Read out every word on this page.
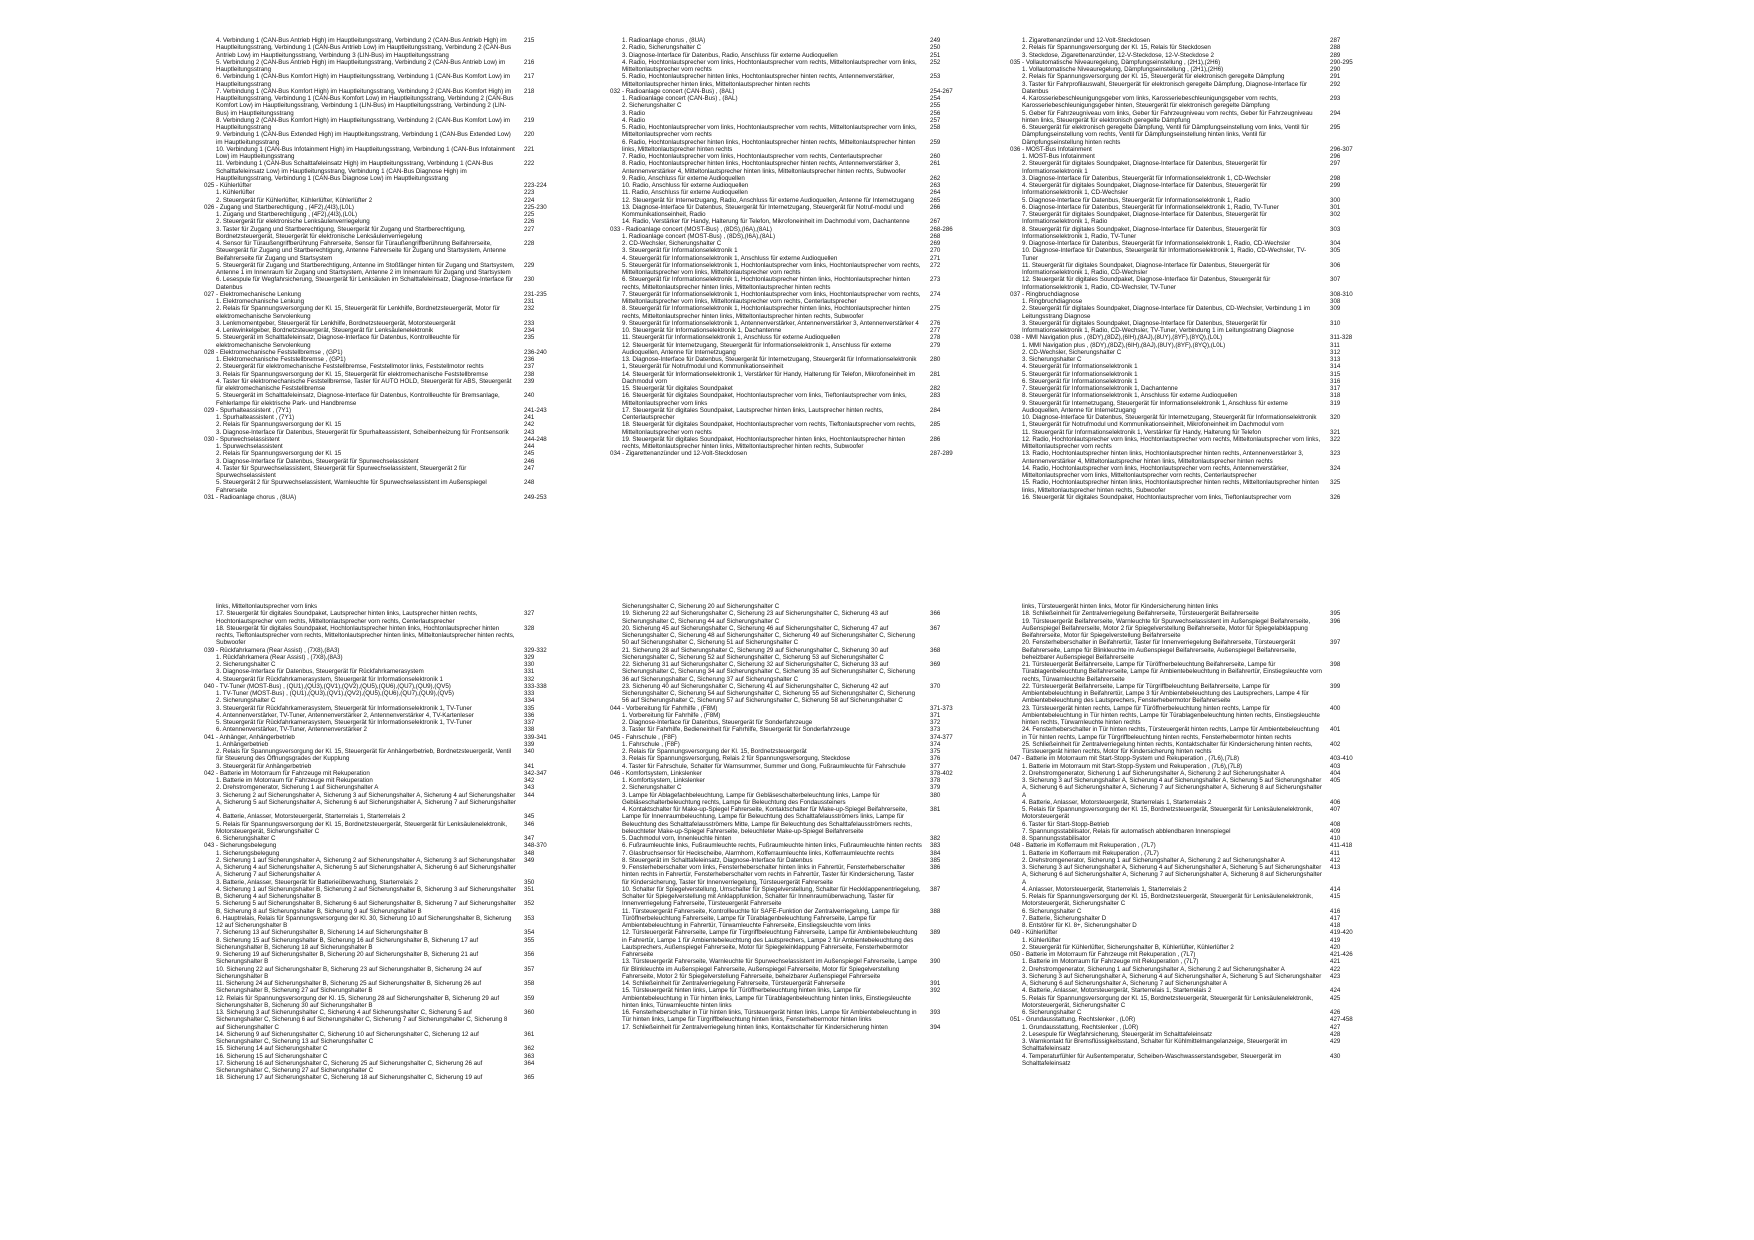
4. Verbindung 1 (CAN-Bus Antrieb High) im Hauptleitungsstrang, Verbindung 2 (CAN-Bus Antrieb High) im Hauptleitungsstrang, Verbindung 1 (CAN-Bus Antrieb Low) im Hauptleitungsstrang, Verbindung 2 (CAN-Bus Antrieb Low) im Hauptleitungsstrang, Verbindung 3 (LIN-Bus) im Hauptleitungsstrang
215
5. Verbindung 2 (CAN-Bus Antrieb High) im Hauptleitungsstrang, Verbindung 2 (CAN-Bus Antrieb Low) im Hauptleitungsstrang
216
6. Verbindung 1 (CAN-Bus Komfort High) im Hauptleitungsstrang, Verbindung 1 (CAN-Bus Komfort Low) im Hauptleitungsstrang
217
7. Verbindung 1 (CAN-Bus Komfort High) im Hauptleitungsstrang, Verbindung 2 (CAN-Bus Komfort High) im Hauptleitungsstrang, Verbindung 1 (CAN-Bus Komfort Low) im Hauptleitungsstrang, Verbindung 2 (CAN-Bus Komfort Low) im Hauptleitungsstrang, Verbindung 1 (LIN-Bus) im Hauptleitungsstrang, Verbindung 2 (LIN-Bus) im Hauptleitungsstrang
218
8. Verbindung 2 (CAN-Bus Komfort High) im Hauptleitungsstrang, Verbindung 2 (CAN-Bus Komfort Low) im Hauptleitungsstrang
219
9. Verbindung 1 (CAN-Bus Extended High) im Hauptleitungsstrang, Verbindung 1 (CAN-Bus Extended Low) im Hauptleitungsstrang
220
10. Verbindung 1 (CAN-Bus Infotainment High) im Hauptleitungsstrang, Verbindung 1 (CAN-Bus Infotainment Low) im Hauptleitungsstrang
221
11. Verbindung 1 (CAN-Bus Schalttafeleinsatz High) im Hauptleitungsstrang, Verbindung 1 (CAN-Bus Schalttafeleinsatz Low) im Hauptleitungsstrang, Verbindung 1 (CAN-Bus Diagnose High) im Hauptleitungsstrang, Verbindung 1 (CAN-Bus Diagnose Low) im Hauptleitungsstrang
222
025 - Kühlerlüfter	223-224
1. Kühlerlüfter	223
2. Steuergerät für Kühlerlüfter, Kühlerlüfter, Kühlerlüfter 2	224
026 - Zugang und Startberechtigung , (4F2),(4I3),(L0L)	225-230
1. Zugang und Startberechtigung , (4F2),(4I3),(L0L)	225
2. Steuergerät für elektronische Lenksäulenverriegelung	226
3. Taster für Zugang und Startberechtigung, Steuergerät für Zugang und Startberechtigung, Bordnetzsteuergerät, Steuergerät für elektronische Lenksäulenverriegelung
227
4. Sensor für Türaußengriffberührung Fahrerseite, Sensor für Türaußengriffberührung Beifahrerseite, Steuergerät für Zugang und Startberechtigung, Antenne Fahrerseite für Zugang und Startsystem, Antenne Beifahrerseite für Zugang und Startsystem
228
5. Steuergerät für Zugang und Startberechtigung, Antenne im Stoßfänger hinten für Zugang und Startsystem, Antenne 1 im Innenraum für Zugang und Startsystem, Antenne 2 im Innenraum für Zugang und Startsystem
229
6. Lesespule für Wegfahrsicherung, Steuergerät für Lenksäulen im Schalttafeleinsatz, Diagnose-Interface für Datenbus
230
027 - Elektromechanische Lenkung	231-235
1. Elektromechanische Lenkung	231
2. Relais für Spannungsversorgung der Kl. 15, Steuergerät für Lenkhilfe, Bordnetzsteuergerät, Motor für elektromechanische Servolenkung
232
3. Lenkmomentgeber, Steuergerät für Lenkhilfe, Bordnetzsteuergerät, Motorsteuergerät	233
4. Lenkwinkelgeber, Bordnetzsteuergerät, Steuergerät für Lenksäulenelektronik	234
5. Steuergerät im Schalttafeleinsatz, Diagnose-Interface für Datenbus, Kontrollleuchte für elektromechanische Servolenkung
235
028 - Elektromechanische Feststellbremse , (GP1)	236-240
1. Elektromechanische Feststellbremse , (GP1)	236
2. Steuergerät für elektromechanische Feststellbremse, Feststellmotor links, Feststellmotor rechts	237
3. Relais für Spannungsversorgung der Kl. 15, Steuergerät für elektromechanische Feststellbremse	238
4. Taster für elektromechanische Feststellbremse, Taster für AUTO HOLD, Steuergerät für ABS, Steuergerät für elektromechanische Feststellbremse
239
5. Steuergerät im Schalttafeleinsatz, Diagnose-Interface für Datenbus, Kontrollleuchte für Bremsanlage, Fehlerlampe für elektrische Park- und Handbremse
240
029 - Spurhalteassistent , (7Y1)	241-243
1. Spurhalteassistent , (7Y1)	241
2. Relais für Spannungsversorgung der Kl. 15	242
3. Diagnose-Interface für Datenbus, Steuergerät für Spurhalteassistent, Scheibenheizung für Frontsensorik	243
030 - Spurwechselassistent	244-248
1. Spurwechselassistent	244
2. Relais für Spannungsversorgung der Kl. 15	245
3. Diagnose-Interface für Datenbus, Steuergerät für Spurwechselassistent	246
4. Taster für Spurwechselassistent, Steuergerät für Spurwechselassistent, Steuergerät 2 für Spurwechselassistent
247
5. Steuergerät 2 für Spurwechselassistent, Warnleuchte für Spurwechselassistent im Außenspiegel Fahrerseite
248
031 - Radioanlage chorus , (8UA)	249-253
1. Radioanlage chorus , (8UA)	249
2. Radio, Sicherungshalter C	250
3. Diagnose-Interface für Datenbus, Radio, Anschluss für externe Audioquellen	251
4. Radio, Hochtonlautsprecher vorn links, Hochtonlautsprecher vorn rechts, Mitteltonlautsprecher vorn links, Mitteltonlautsprecher vorn rechts
252
5. Radio, Hochtonlautsprecher hinten links, Hochtonlautsprecher hinten rechts, Antennenverstärker, Mitteltonlautsprecher hinten links, Mitteltonlautsprecher hinten rechts
253
032 - Radioanlage concert (CAN-Bus) , (8AL)	254-267
1. Radioanlage concert (CAN-Bus) , (8AL)	254
2. Sicherungshalter C	255
3. Radio	256
4. Radio	257
5. Radio, Hochtonlautsprecher vorn links, Hochtonlautsprecher vorn rechts, Mitteltonlautsprecher vorn links, Mitteltonlautsprecher vorn rechts
258
6. Radio, Hochtonlautsprecher hinten links, Hochtonlautsprecher hinten rechts, Mitteltonlautsprecher hinten links, Mitteltonlautsprecher hinten rechts
259
7. Radio, Hochtonlautsprecher vorn links, Hochtonlautsprecher vorn rechts, Centerlautsprecher	260
8. Radio, Hochtonlautsprecher hinten links, Hochtonlautsprecher hinten rechts, Antennenverstärker 3, Antennenverstärker 4, Mitteltonlautsprecher hinten links, Mitteltonlautsprecher hinten rechts, Subwoofer
261
9. Radio, Anschluss für externe Audioquellen	262
10. Radio, Anschluss für externe Audioquellen	263
11. Radio, Anschluss für externe Audioquellen	264
12. Steuergerät für Internetzugang, Radio, Anschluss für externe Audioquellen, Antenne für Internetzugang	265
13. Diagnose-Interface für Datenbus, Steuergerät für Internetzugang, Steuergerät für Notruf-modul und Kommunikationseinheit, Radio
266
14. Radio, Verstärker für Handy, Halterung für Telefon, Mikrofoneinheit im Dachmodul vorn, Dachantenne	267
033 - Radioanlage concert (MOST-Bus) , (8DS),(I6A),(8AL)	268-286
1. Radioanlage concert (MOST-Bus) , (8DS),(I6A),(8AL)	268
2. CD-Wechsler, Sicherungshalter C	269
3. Steuergerät für Informationselektronik 1	270
4. Steuergerät für Informationselektronik 1, Anschluss für externe Audioquellen	271
5. Steuergerät für Informationselektronik 1, Hochtonlautsprecher vorn links, Hochtonlautsprecher vorn rechts, Mitteltonlautsprecher vorn links, Mitteltonlautsprecher vorn rechts
272
6. Steuergerät für Informationselektronik 1, Hochtonlautsprecher hinten links, Hochtonlautsprecher hinten rechts, Mitteltonlautsprecher hinten links, Mitteltonlautsprecher hinten rechts
273
7. Steuergerät für Informationselektronik 1, Hochtonlautsprecher vorn links, Hochtonlautsprecher vorn rechts, Mitteltonlautsprecher vorn links, Mitteltonlautsprecher vorn rechts, Centerlautsprecher
274
8. Steuergerät für Informationselektronik 1, Hochtonlautsprecher hinten links, Hochtonlautsprecher hinten rechts, Mitteltonlautsprecher hinten links, Mitteltonlautsprecher hinten rechts, Subwoofer
275
9. Steuergerät für Informationselektronik 1, Antennenverstärker, Antennenverstärker 3, Antennenverstärker 4	276
10. Steuergerät für Informationselektronik 1, Dachantenne	277
11. Steuergerät für Informationselektronik 1, Anschluss für externe Audioquellen	278
12. Steuergerät für Internetzugang, Steuergerät für Informationselektronik 1, Anschluss für externe Audioquellen, Antenne für Internetzugang
279
13. Diagnose-Interface für Datenbus, Steuergerät für Internetzugang, Steuergerät für Informationselektronik 1, Steuergerät für Notrufmodul und Kommunikationseinheit
280
14. Steuergerät für Informationselektronik 1, Verstärker für Handy, Halterung für Telefon, Mikrofoneinheit im Dachmodul vorn
281
15. Steuergerät für digitales Soundpaket	282
16. Steuergerät für digitales Soundpaket, Hochtonlautsprecher vorn links, Tieftonlautsprecher vorn links, Mitteltonlautsprecher vorn links
283
17. Steuergerät für digitales Soundpaket, Lautsprecher hinten links, Lautsprecher hinten rechts, Centerlautsprecher
284
18. Steuergerät für digitales Soundpaket, Hochtonlautsprecher vorn rechts, Tieftonlautsprecher vorn rechts, Mitteltonlautsprecher vorn rechts
285
19. Steuergerät für digitales Soundpaket, Hochtonlautsprecher hinten links, Hochtonlautsprecher hinten rechts, Mitteltonlautsprecher hinten links, Mitteltonlautsprecher hinten rechts, Subwoofer
286
034 - Zigarettenanzünder und 12-Volt-Steckdosen	287-289
1. Zigarettenanzünder und 12-Volt-Steckdosen	287
2. Relais für Spannungsversorgung der Kl. 15, Relais für Steckdosen	288
3. Steckdose, Zigarettenanzünder, 12-V-Steckdose, 12-V-Steckdose 2	289
035 - Vollautomatische Niveauregelung, Dämpfungseinstellung , (2H1),(2H6)	290-295
1. Vollautomatische Niveauregelung, Dämpfungseinstellung , (2H1),(2H6)	290
2. Relais für Spannungsversorgung der Kl. 15, Steuergerät für elektronisch geregelte Dämpfung	291
3. Taster für Fahrprofilauswahl, Steuergerät für elektronisch geregelte Dämpfung, Diagnose-Interface für Datenbus
292
4. Karosseriebeschleunigungsgeber vorn links, Karosseriebeschleunigungsgeber vorn rechts, Karosseriebeschleunigungsgeber hinten, Steuergerät für elektronisch geregelte Dämpfung
293
5. Geber für Fahrzeugniveau vorn links, Geber für Fahrzeugniveau vorn rechts, Geber für Fahrzeugniveau hinten links, Steuergerät für elektronisch geregelte Dämpfung
294
6. Steuergerät für elektronisch geregelte Dämpfung, Ventil für Dämpfungseinstellung vorn links, Ventil für Dämpfungseinstellung vorn rechts, Ventil für Dämpfungseinstellung hinten links, Ventil für Dämpfungseinstellung hinten rechts
295
036 - MOST-Bus Infotainment	296-307
1. MOST-Bus Infotainment	296
2. Steuergerät für digitales Soundpaket, Diagnose-Interface für Datenbus, Steuergerät für Informationselektronik 1
297
3. Diagnose-Interface für Datenbus, Steuergerät für Informationselektronik 1, CD-Wechsler	298
4. Steuergerät für digitales Soundpaket, Diagnose-Interface für Datenbus, Steuergerät für Informationselektronik 1, CD-Wechsler
299
5. Diagnose-Interface für Datenbus, Steuergerät für Informationselektronik 1, Radio	300
6. Diagnose-Interface für Datenbus, Steuergerät für Informationselektronik 1, Radio, TV-Tuner	301
7. Steuergerät für digitales Soundpaket, Diagnose-Interface für Datenbus, Steuergerät für Informationselektronik 1, Radio
302
8. Steuergerät für digitales Soundpaket, Diagnose-Interface für Datenbus, Steuergerät für Informationselektronik 1, Radio, TV-Tuner
303
9. Diagnose-Interface für Datenbus, Steuergerät für Informationselektronik 1, Radio, CD-Wechsler	304
10. Diagnose-Interface für Datenbus, Steuergerät für Informationselektronik 1, Radio, CD-Wechsler, TV-Tuner
305
11. Steuergerät für digitales Soundpaket, Diagnose-Interface für Datenbus, Steuergerät für Informationselektronik 1, Radio, CD-Wechsler
306
12. Steuergerät für digitales Soundpaket, Diagnose-Interface für Datenbus, Steuergerät für Informationselektronik 1, Radio, CD-Wechsler, TV-Tuner
307
037 - Ringbruchdiagnose	308-310
1. Ringbruchdiagnose	308
2. Steuergerät für digitales Soundpaket, Diagnose-Interface für Datenbus, CD-Wechsler, Verbindung 1 im Leitungsstrang Diagnose
309
3. Steuergerät für digitales Soundpaket, Diagnose-Interface für Datenbus, Steuergerät für Informationselektronik 1, Radio, CD-Wechsler, TV-Tuner, Verbindung 1 im Leitungsstrang Diagnose
310
038 - MMI Navigation plus , (8DY),(8DZ),(6IH),(8AJ),(8UY),(8YF),(8YQ),(L0L)	311-328
1. MMI Navigation plus , (8DY),(8DZ),(6IH),(8AJ),(8UY),(8YF),(8YQ),(L0L)	311
2. CD-Wechsler, Sicherungshalter C	312
3. Sicherungshalter C	313
4. Steuergerät für Informationselektronik 1	314
5. Steuergerät für Informationselektronik 1	315
6. Steuergerät für Informationselektronik 1	316
7. Steuergerät für Informationselektronik 1, Dachantenne	317
8. Steuergerät für Informationselektronik 1, Anschluss für externe Audioquellen	318
9. Steuergerät für Internetzugang, Steuergerät für Informationselektronik 1, Anschluss für externe Audioquellen, Antenne für Internetzugang
319
10. Diagnose-Interface für Datenbus, Steuergerät für Internetzugang, Steuergerät für Informationselektronik 1, Steuergerät für Notrufmodul und Kommunikationseinheit, Mikrofoneinheit im Dachmodul vorn
320
11. Steuergerät für Informationselektronik 1, Verstärker für Handy, Halterung für Telefon	321
12. Radio, Hochtonlautsprecher vorn links, Hochtonlautsprecher vorn rechts, Mitteltonlautsprecher vorn links, Mitteltonlautsprecher vorn rechts
322
13. Radio, Hochtonlautsprecher hinten links, Hochtonlautsprecher hinten rechts, Antennenverstärker 3, Antennenverstärker 4, Mitteltonlautsprecher hinten links, Mitteltonlautsprecher hinten rechts
323
14. Radio, Hochtonlautsprecher vorn links, Hochtonlautsprecher vorn rechts, Antennenverstärker, Mitteltonlautsprecher vorn links, Mitteltonlautsprecher vorn rechts, Centerlautsprecher
324
15. Radio, Hochtonlautsprecher hinten links, Hochtonlautsprecher hinten rechts, Mitteltonlautsprecher hinten links, Mitteltonlautsprecher hinten rechts, Subwoofer
325
16. Steuergerät für digitales Soundpaket, Hochtonlautsprecher vorn links, Tieftonlautsprecher vorn	326
links, Mitteltonlautsprecher vorn links
17. Steuergerät für digitales Soundpaket, Lautsprecher hinten links, Lautsprecher hinten rechts, Hochtonlautsprecher vorn rechts, Mitteltonlautsprecher vorn rechts, Centerlautsprecher
327
18. Steuergerät für digitales Soundpaket, Hochtonlautsprecher hinten links, Hochtonlautsprecher hinten rechts, Tieftonlautsprecher vorn rechts, Mitteltonlautsprecher hinten links, Mitteltonlautsprecher hinten rechts, Subwoofer
328
039 - Rückfahrkamera (Rear Assist) , (7X8),(8A3)	329-332
1. Rückfahrkamera (Rear Assist) , (7X8),(8A3)	329
2. Sicherungshalter C	330
3. Diagnose-Interface für Datenbus, Steuergerät für Rückfahrkamerasystem	331
4. Steuergerät für Rückfahrkamerasystem, Steuergerät für Informationselektronik 1	332
040 - TV-Tuner (MOST-Bus) , (QU1),(QU3),(QV1),(QV2),(QU5),(QU6),(QU7),(QU9),(QV5)	333-338
1. TV-Tuner (MOST-Bus) , (QU1),(QU3),(QV1),(QV2),(QU5),(QU6),(QU7),(QU9),(QV5)	333
2. Sicherungshalter C	334
3. Steuergerät für Rückfahrkamerasystem, Steuergerät für Informationselektronik 1, TV-Tuner	335
4. Antennenverstärker, TV-Tuner, Antennenverstärker 2, Antennenverstärker 4, TV-Kartenleser	336
5. Steuergerät für Rückfahrkamerasystem, Steuergerät für Informationselektronik 1, TV-Tuner	337
6. Antennenverstärker, TV-Tuner, Antennenverstärker 2	338
041 - Anhänger, Anhängerbetrieb	339-341
1. Anhängerbetrieb	339
2. Relais für Spannungsversorgung der Kl. 15, Steuergerät für Anhängerbetrieb, Bordnetzsteuergerät, Ventil für Steuerung des Öffnungsgrades der Kupplung
340
3. Steuergerät für Anhängerbetrieb	341
042 - Batterie im Motorraum für Fahrzeuge mit Rekuperation	342-347
1. Batterie im Motorraum für Fahrzeuge mit Rekuperation	342
2. Drehstromgenerator, Sicherung 1 auf Sicherungshalter A	343
3. Sicherung 2 auf Sicherungshalter A, Sicherung 3 auf Sicherungshalter A, Sicherung 4 auf Sicherungshalter A, Sicherung 5 auf Sicherungshalter A, Sicherung 6 auf Sicherungshalter A, Sicherung 7 auf Sicherungshalter A
344
4. Batterie, Anlasser, Motorsteuergerät, Starterrelais 1, Starterrelais 2	345
5. Relais für Spannungsversorgung der Kl. 15, Bordnetzsteuergerät, Steuergerät für Lenksäulenelektronik, Motorsteuergerät, Sicherungshalter C
346
6. Sicherungshalter C	347
043 - Sicherungsbelegung	348-370
1. Sicherungsbelegung	348
2. Sicherung 1 auf Sicherungshalter A, Sicherung 2 auf Sicherungshalter A, Sicherung 3 auf Sicherungshalter A, Sicherung 4 auf Sicherungshalter A, Sicherung 5 auf Sicherungshalter A, Sicherung 6 auf Sicherungshalter A, Sicherung 7 auf Sicherungshalter A
349
3. Batterie, Anlasser, Steuergerät für Batterieüberwachung, Starterrelais 2	350
4. Sicherung 1 auf Sicherungshalter B, Sicherung 2 auf Sicherungshalter B, Sicherung 3 auf Sicherungshalter B, Sicherung 4 auf Sicherungshalter B
351
5. Sicherung 5 auf Sicherungshalter B, Sicherung 6 auf Sicherungshalter B, Sicherung 7 auf Sicherungshalter B, Sicherung 8 auf Sicherungshalter B, Sicherung 9 auf Sicherungshalter B
352
6. Hauptrelais, Relais für Spannungsversorgung der Kl. 30, Sicherung 10 auf Sicherungshalter B, Sicherung 12 auf Sicherungshalter B
353
7. Sicherung 13 auf Sicherungshalter B, Sicherung 14 auf Sicherungshalter B	354
8. Sicherung 15 auf Sicherungshalter B, Sicherung 16 auf Sicherungshalter B, Sicherung 17 auf Sicherungshalter B, Sicherung 18 auf Sicherungshalter B
355
9. Sicherung 19 auf Sicherungshalter B, Sicherung 20 auf Sicherungshalter B, Sicherung 21 auf Sicherungshalter B
356
10. Sicherung 22 auf Sicherungshalter B, Sicherung 23 auf Sicherungshalter B, Sicherung 24 auf Sicherungshalter B
357
11. Sicherung 24 auf Sicherungshalter B, Sicherung 25 auf Sicherungshalter B, Sicherung 26 auf Sicherungshalter B, Sicherung 27 auf Sicherungshalter B
358
12. Relais für Spannungsversorgung der Kl. 15, Sicherung 28 auf Sicherungshalter B, Sicherung 29 auf Sicherungshalter B, Sicherung 30 auf Sicherungshalter B
359
13. Sicherung 3 auf Sicherungshalter C, Sicherung 4 auf Sicherungshalter C, Sicherung 5 auf Sicherungshalter C, Sicherung 6 auf Sicherungshalter C, Sicherung 7 auf Sicherungshalter C, Sicherung 8 auf Sicherungshalter C
360
14. Sicherung 9 auf Sicherungshalter C, Sicherung 10 auf Sicherungshalter C, Sicherung 12 auf Sicherungshalter C, Sicherung 13 auf Sicherungshalter C
361
15. Sicherung 14 auf Sicherungshalter C	362
16. Sicherung 15 auf Sicherungshalter C	363
17. Sicherung 16 auf Sicherungshalter C, Sicherung 25 auf Sicherungshalter C, Sicherung 26 auf Sicherungshalter C, Sicherung 27 auf Sicherungshalter C
364
18. Sicherung 17 auf Sicherungshalter C, Sicherung 18 auf Sicherungshalter C, Sicherung 19 auf	365
Sicherungshalter C, Sicherung 20 auf Sicherungshalter C
19. Sicherung 22 auf Sicherungshalter C, Sicherung 23 auf Sicherungshalter C, Sicherung 43 auf Sicherungshalter C, Sicherung 44 auf Sicherungshalter C
366
20. Sicherung 45 auf Sicherungshalter C, Sicherung 46 auf Sicherungshalter C, Sicherung 47 auf Sicherungshalter C, Sicherung 48 auf Sicherungshalter C, Sicherung 49 auf Sicherungshalter C, Sicherung 50 auf Sicherungshalter C, Sicherung 51 auf Sicherungshalter C
367
21. Sicherung 28 auf Sicherungshalter C, Sicherung 29 auf Sicherungshalter C, Sicherung 30 auf Sicherungshalter C, Sicherung 52 auf Sicherungshalter C, Sicherung 53 auf Sicherungshalter C
368
22. Sicherung 31 auf Sicherungshalter C, Sicherung 32 auf Sicherungshalter C, Sicherung 33 auf Sicherungshalter C, Sicherung 34 auf Sicherungshalter C, Sicherung 35 auf Sicherungshalter C, Sicherung 36 auf Sicherungshalter C, Sicherung 37 auf Sicherungshalter C
369
23. Sicherung 40 auf Sicherungshalter C, Sicherung 41 auf Sicherungshalter C, Sicherung 42 auf Sicherungshalter C, Sicherung 54 auf Sicherungshalter C, Sicherung 55 auf Sicherungshalter C, Sicherung 56 auf Sicherungshalter C, Sicherung 57 auf Sicherungshalter C, Sicherung 58 auf Sicherungshalter C
370
044 - Vorbereitung für Fahrhilfe , (F8M)	371-373
1. Vorbereitung für Fahrhilfe , (F8M)	371
2. Diagnose-Interface für Datenbus, Steuergerät für Sonderfahrzeuge	372
3. Taster für Fahrhilfe, Bedieneinheit für Fahrhilfe, Steuergerät für Sonderfahrzeuge	373
045 - Fahrschule , (F8F)	374-377
1. Fahrschule , (F8F)	374
2. Relais für Spannungsversorgung der Kl. 15, Bordnetzsteuergerät	375
3. Relais für Spannungsversorgung, Relais 2 für Spannungsversorgung, Steckdose	376
4. Taster für Fahrschule, Schalter für Warnsummer, Summer und Gong, Fußraumleuchte für Fahrschule	377
046 - Komfortsystem, Linkslenker	378-402
1. Komfortsystem, Linkslenker	378
2. Sicherungshalter C	379
3. Lampe für Ablagefachbeleuchtung, Lampe für Gebläseschalterbeleuchtung links, Lampe für Gebläseschalterbeleuchtung rechts, Lampe für Beleuchtung des Fondaussteiners
380
4. Kontaktschalter für Make-up-Spiegel Fahrerseite, Kontaktschalter für Make-up-Spiegel Beifahrerseite, Lampe für Innenraumbeleuchtung, Lampe für Beleuchtung des Schalttafelausströmers links, Lampe für Beleuchtung des Schalttafelausströmers Mitte, Lampe für Beleuchtung des Schalttafelausströmers rechts, beleuchteter Make-up-Spiegel Fahrerseite, beleuchteter Make-up-Spiegel Beifahrerseite
381
5. Dachmodul vorn, Innenleuchte hinten	382
6. Fußraumleuchte links, Fußraumleuchte rechts, Fußraumleuchte hinten links, Fußraumleuchte hinten rechts	383
7. Glasbruchsensor für Heckscheibe, Alarmhorn, Kofferraumleuchte links, Kofferraumleuchte rechts	384
8. Steuergerät im Schalttafeleinsatz, Diagnose-Interface für Datenbus	385
9. Fensterheberschalter vorn links, Fensterheberschalter hinten links in Fahrertür, Fensterheberschalter hinten rechts in Fahrertür, Fensterheberschalter vorn rechts in Fahrertür, Taster für Kindersicherung, Taster für Kindersicherung, Taster für Innenverriegelung, Türsteuergerät Fahrerseite
386
10. Schalter für Spiegelverstellung, Umschalter für Spiegelverstellung, Schalter für Heckklappenentriegelung, Schalter für Spiegelverstellung mit Anklappfunktion, Schalter für Innenraumüberwachung, Taster für Innenverriegelung Fahrerseite, Türsteuergerät Fahrerseite
387
11. Türsteuergerät Fahrerseite, Kontrollleuchte für SAFE-Funktion der Zentralverriegelung, Lampe für Türöffnerbeleuchtung Fahrerseite, Lampe für Türablagenbeleuchtung Fahrerseite, Lampe für Ambientebeleuchtung in Fahrertür, Türwarnleuchte Fahrerseite, Einstiegsleuchte vorn links
388
12. Türsteuergerät Fahrerseite, Lampe für Türgriffbeleuchtung Fahrerseite, Lampe für Ambientebeleuchtung in Fahrertür, Lampe 1 für Ambientebeleuchtung des Lautsprechers, Lampe 2 für Ambientebeleuchtung des Lautsprechers, Außenspiegel Fahrerseite, Motor für Spiegeleinklappung Fahrerseite, Fensterhebermotor Fahrerseite
389
13. Türsteuergerät Fahrerseite, Warnleuchte für Spurwechselassistent im Außenspiegel Fahrerseite, Lampe für Blinkleuchte im Außenspiegel Fahrerseite, Außenspiegel Fahrerseite, Motor für Spiegelverstellung Fahrerseite, Motor 2 für Spiegelverstellung Fahrerseite, beheizbarer Außenspiegel Fahrerseite
390
14. Schließeinheit für Zentralverriegelung Fahrerseite, Türsteuergerät Fahrerseite	391
15. Türsteuergerät hinten links, Lampe für Türöffnerbeleuchtung hinten links, Lampe für Ambientebeleuchtung in Tür hinten links, Lampe für Türablagenbeleuchtung hinten links, Einstiegsleuchte hinten links, Türwarnleuchte hinten links
392
16. Fensterheberschalter in Tür hinten links, Türsteuergerät hinten links, Lampe für Ambientebeleuchtung in Tür hinten links, Lampe für Türgriffbeleuchtung hinten links, Fensterhebermotor hinten links
393
17. Schließeinheit für Zentralverriegelung hinten links, Kontaktschalter für Kindersicherung hinten	394
links, Türsteuergerät hinten links, Motor für Kindersicherung hinten links
18. Schließeinheit für Zentralverriegelung Beifahrerseite, Türsteuergerät Beifahrerseite	395
19. Türsteuergerät Beifahrerseite, Warnleuchte für Spurwechselassistent im Außenspiegel Beifahrerseite, Außenspiegel Beifahrerseite, Motor 2 für Spiegelverstellung Beifahrerseite, Motor für Spiegelabklappung Beifahrerseite, Motor für Spiegelverstellung Beifahrerseite
396
20. Fensterheberschalter in Beifahrertür, Taster für Innenverriegelung Beifahrerseite, Türsteuergerät Beifahrerseite, Lampe für Blinkleuchte im Außenspiegel Beifahrerseite, Außenspiegel Beifahrerseite, beheizbarer Außenspiegel Beifahrerseite
397
21. Türsteuergerät Beifahrerseite, Lampe für Türöffnerbeleuchtung Beifahrerseite, Lampe für Türablagenbeleuchtung Beifahrerseite, Lampe für Ambientebeleuchtung in Beifahrertür, Einstiegsleuchte vorn rechts, Türwarnleuchte Beifahrerseite
398
22. Türsteuergerät Beifahrerseite, Lampe für Türgriffbeleuchtung Beifahrerseite, Lampe für Ambientebeleuchtung in Beifahrertür, Lampe 3 für Ambientebeleuchtung des Lautsprechers, Lampe 4 für Ambientebeleuchtung des Lautsprechers, Fensterhebermotor Beifahrerseite
399
23. Türsteuergerät hinten rechts, Lampe für Türöffnerbeleuchtung hinten rechts, Lampe für Ambientebeleuchtung in Tür hinten rechts, Lampe für Türablagenbeleuchtung hinten rechts, Einstiegsleuchte hinten rechts, Türwarnleuchte hinten rechts
400
24. Fensterheberschalter in Tür hinten rechts, Türsteuergerät hinten rechts, Lampe für Ambientebeleuchtung in Tür hinten rechts, Lampe für Türgriffbeleuchtung hinten rechts, Fensterhebermotor hinten rechts
401
25. Schließeinheit für Zentralverriegelung hinten rechts, Kontaktschalter für Kindersicherung hinten rechts, Türsteuergerät hinten rechts, Motor für Kindersicherung hinten rechts
402
047 - Batterie im Motorraum mit Start-Stopp-System und Rekuperation , (7L6),(7L8)	403-410
1. Batterie im Motorraum mit Start-Stopp-System und Rekuperation , (7L6),(7L8)	403
2. Drehstromgenerator, Sicherung 1 auf Sicherungshalter A, Sicherung 2 auf Sicherungshalter A	404
3. Sicherung 3 auf Sicherungshalter A, Sicherung 4 auf Sicherungshalter A, Sicherung 5 auf Sicherungshalter A, Sicherung 6 auf Sicherungshalter A, Sicherung 7 auf Sicherungshalter A, Sicherung 8 auf Sicherungshalter A
405
4. Batterie, Anlasser, Motorsteuergerät, Starterrelais 1, Starterrelais 2	406
5. Relais für Spannungsversorgung der Kl. 15, Bordnetzsteuergerät, Steuergerät für Lenksäulenelektronik, Motorsteuergerät
407
6. Taster für Start-Stopp-Betrieb	408
7. Spannungsstabilisator, Relais für automatisch abblendbaren Innenspiegel	409
8. Spannungsstabilisator	410
048 - Batterie im Kofferraum mit Rekuperation , (7L7)	411-418
1. Batterie im Kofferraum mit Rekuperation , (7L7)	411
2. Drehstromgenerator, Sicherung 1 auf Sicherungshalter A, Sicherung 2 auf Sicherungshalter A	412
3. Sicherung 3 auf Sicherungshalter A, Sicherung 4 auf Sicherungshalter A, Sicherung 5 auf Sicherungshalter A, Sicherung 6 auf Sicherungshalter A, Sicherung 7 auf Sicherungshalter A, Sicherung 8 auf Sicherungshalter A
413
4. Anlasser, Motorsteuergerät, Starterrelais 1, Starterrelais 2	414
5. Relais für Spannungsversorgung der Kl. 15, Bordnetzsteuergerät, Steuergerät für Lenksäulenelektronik, Motorsteuergerät, Sicherungshalter C
415
6. Sicherungshalter C	416
7. Batterie, Sicherungshalter D	417
8. Entstörer für Kl. 8+, Sicherungshalter D	418
049 - Kühlerlüfter	419-420
1. Kühlerlüfter	419
2. Steuergerät für Kühlerlüfter, Sicherungshalter B, Kühlerlüfter, Kühlerlüfter 2	420
050 - Batterie im Motorraum für Fahrzeuge mit Rekuperation , (7L7)	421-426
1. Batterie im Motorraum für Fahrzeuge mit Rekuperation , (7L7)	421
2. Drehstromgenerator, Sicherung 1 auf Sicherungshalter A, Sicherung 2 auf Sicherungshalter A	422
3. Sicherung 3 auf Sicherungshalter A, Sicherung 4 auf Sicherungshalter A, Sicherung 5 auf Sicherungshalter A, Sicherung 6 auf Sicherungshalter A, Sicherung 7 auf Sicherungshalter A
423
4. Batterie, Anlasser, Motorsteuergerät, Starterrelais 1, Starterrelais 2	424
5. Relais für Spannungsversorgung der Kl. 15, Bordnetzsteuergerät, Steuergerät für Lenksäulenelektronik, Motorsteuergerät, Sicherungshalter C
425
6. Sicherungshalter C	426
051 - Grundausstattung, Rechtslenker , (L0R)	427-458
1. Grundausstattung, Rechtslenker , (L0R)	427
2. Lesespule für Wegfahrsicherung, Steuergerät im Schalttafeleinsatz	428
3. Warnkontakt für Bremsflüssigkeitsstand, Schalter für Kühlmittelmangelanzeige, Steuergerät im Schalttafeleinsatz
429
4. Temperaturfühler für Außentemperatur, Scheiben-Waschwasserstandsgeber, Steuergerät im Schalttafeleinsatz
430
